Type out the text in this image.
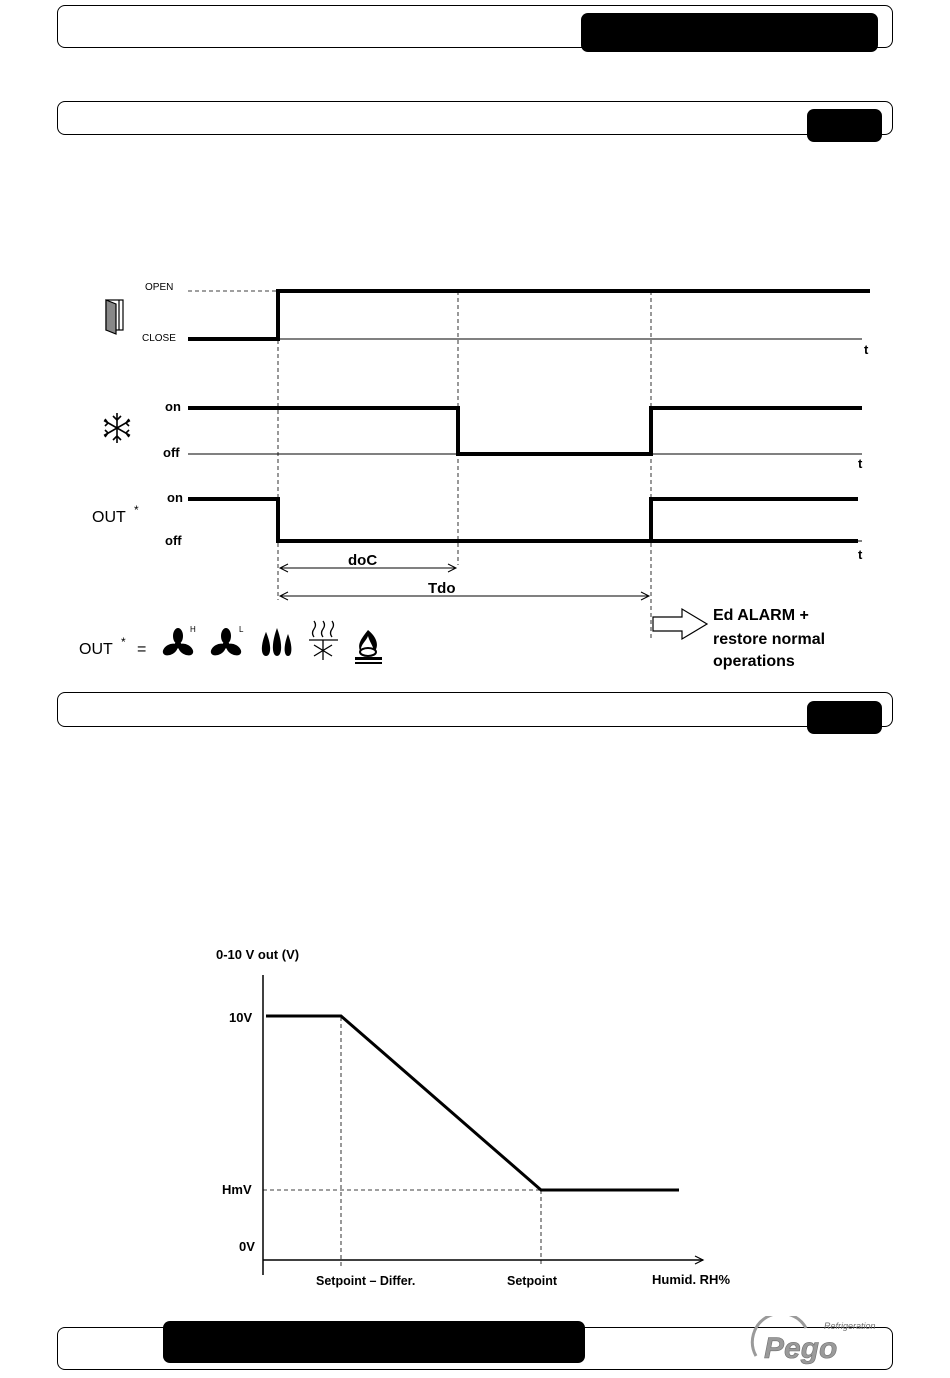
OPEN
CLOSE
t
on
off
t
OUT *
on
off
t
doC
Tdo
Ed ALARM +
restore normal
operations
OUT * =
H	L
0-10 V out (V)
10V
HmV
0V
Setpoint – Differ.	Setpoint	Humid. RH%
Refrigeration
Pego
